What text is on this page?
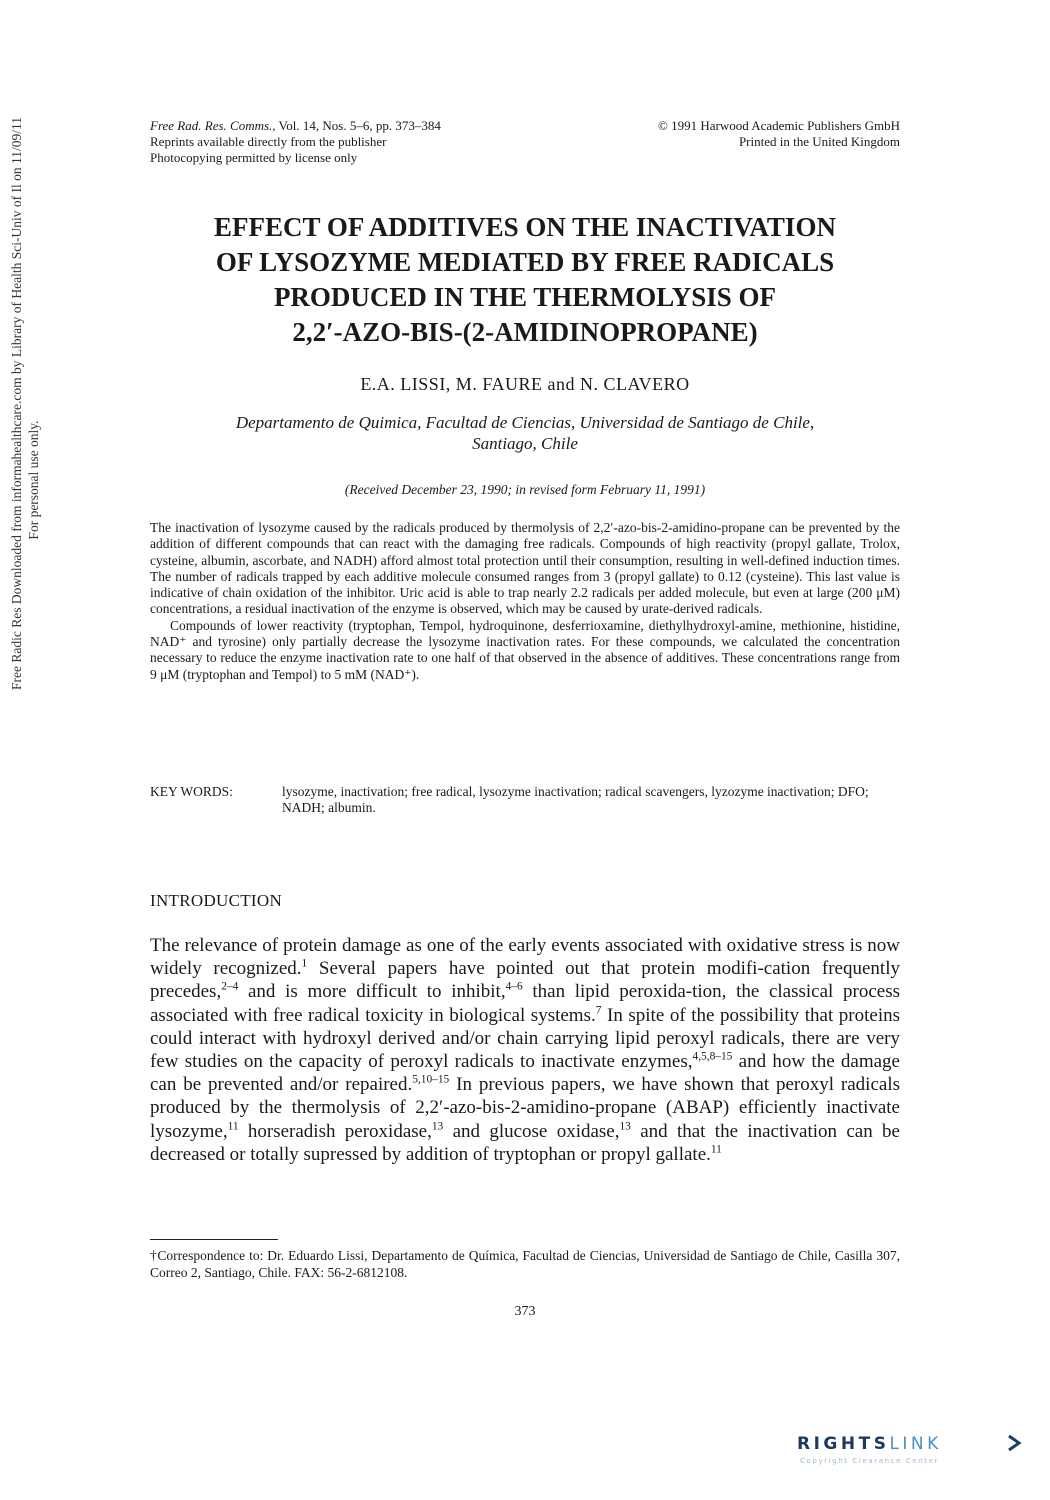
Free Radic Res Downloaded from informahealthcare.com by Library of Health Sci-Univ of Il on 11/09/11 For personal use only.
Free Rad. Res. Comms., Vol. 14, Nos. 5–6, pp. 373–384
Reprints available directly from the publisher
Photocopying permitted by license only
© 1991 Harwood Academic Publishers GmbH
Printed in the United Kingdom
EFFECT OF ADDITIVES ON THE INACTIVATION
OF LYSOZYME MEDIATED BY FREE RADICALS
PRODUCED IN THE THERMOLYSIS OF
2,2′-AZO-BIS-(2-AMIDINOPROPANE)
E.A. LISSI, M. FAURE and N. CLAVERO
Departamento de Quimica, Facultad de Ciencias, Universidad de Santiago de Chile,
Santiago, Chile
(Received December 23, 1990; in revised form February 11, 1991)

The inactivation of lysozyme caused by the radicals produced by thermolysis of 2,2′-azo-bis-2-amidino-propane can be prevented by the addition of different compounds that can react with the damaging free radicals. Compounds of high reactivity (propyl gallate, Trolox, cysteine, albumin, ascorbate, and NADH) afford almost total protection until their consumption, resulting in well-defined induction times. The number of radicals trapped by each additive molecule consumed ranges from 3 (propyl gallate) to 0.12 (cysteine). This last value is indicative of chain oxidation of the inhibitor. Uric acid is able to trap nearly 2.2 radicals per added molecule, but even at large (200 μM) concentrations, a residual inactivation of the enzyme is observed, which may be caused by urate-derived radicals.

Compounds of lower reactivity (tryptophan, Tempol, hydroquinone, desferrioxamine, diethylhydroxyl-amine, methionine, histidine, NAD⁺ and tyrosine) only partially decrease the lysozyme inactivation rates. For these compounds, we calculated the concentration necessary to reduce the enzyme inactivation rate to one half of that observed in the absence of additives. These concentrations range from 9 μM (tryptophan and Tempol) to 5 mM (NAD⁺).

KEY WORDS:	lysozyme, inactivation; free radical, lysozyme inactivation; radical scavengers, lyzozyme inactivation; DFO; NADH; albumin.
INTRODUCTION
The relevance of protein damage as one of the early events associated with oxidative stress is now widely recognized.$^1$ Several papers have pointed out that protein modifi-cation frequently precedes,$^{2-4}$ and is more difficult to inhibit,$^{4-6}$ than lipid peroxida-tion, the classical process associated with free radical toxicity in biological systems.$^7$ In spite of the possibility that proteins could interact with hydroxyl derived and/or chain carrying lipid peroxyl radicals, there are very few studies on the capacity of peroxyl radicals to inactivate enzymes,$^{4,5,8-15}$ and how the damage can be prevented and/or repaired.$^{5,10-15}$ In previous papers, we have shown that peroxyl radicals produced by the thermolysis of 2,2′-azo-bis-2-amidino-propane (ABAP) efficiently inactivate lysozyme,$^{11}$ horseradish peroxidase,$^{13}$ and glucose oxidase,$^{13}$ and that the inactivation can be decreased or totally supressed by addition of tryptophan or propyl gallate.$^{11}$
†Correspondence to: Dr. Eduardo Lissi, Departamento de Química, Facultad de Ciencias, Universidad de Santiago de Chile, Casilla 307, Correo 2, Santiago, Chile. FAX: 56-2-6812108.
373
RIGHTSLINK
Copyright Clearance Center
